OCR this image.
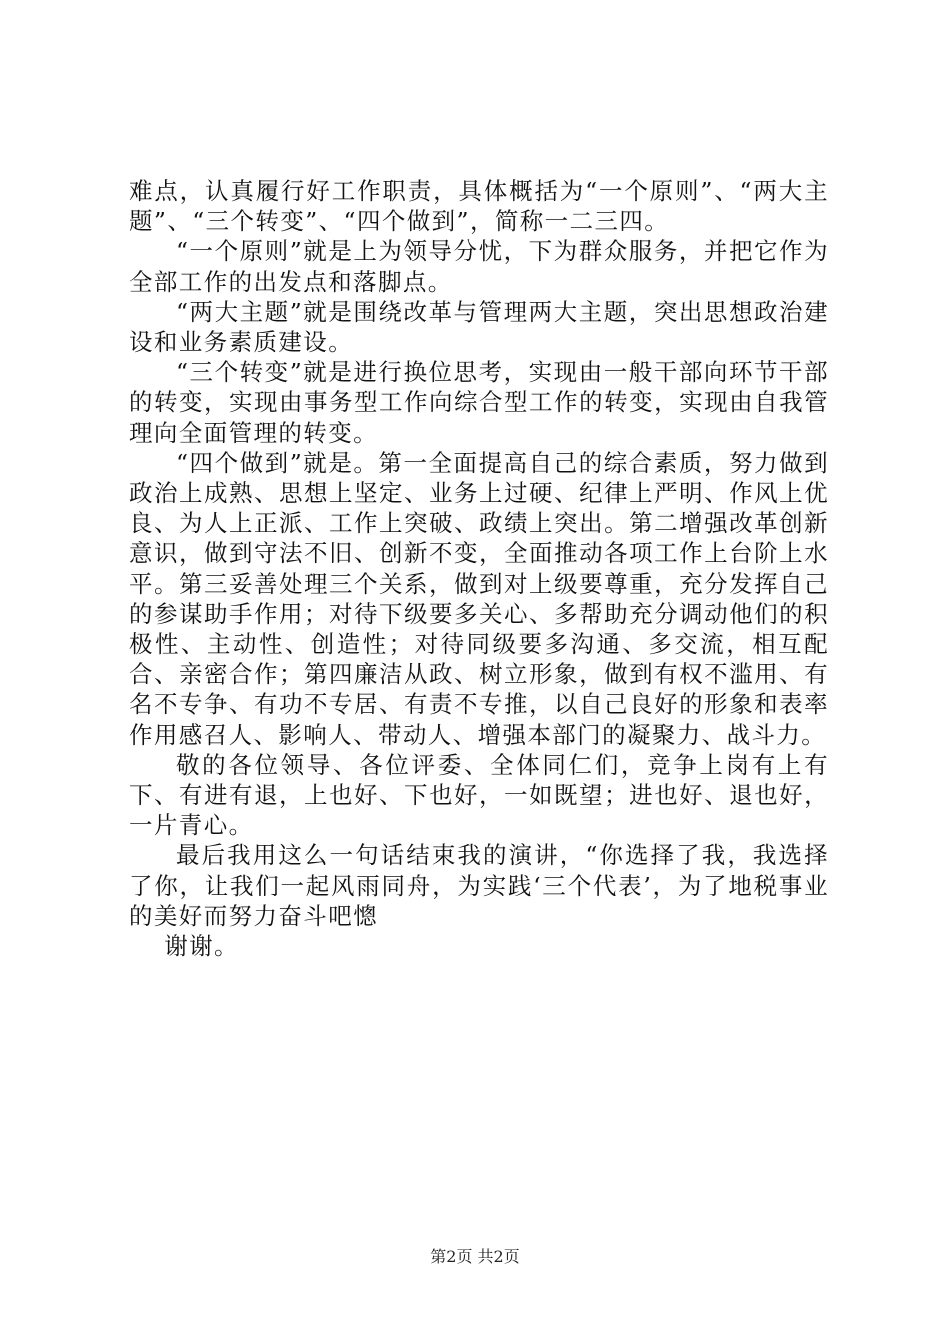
难点，认真履行好工作职责，具体概括为“一个原则”、“两大主题”、“三个转变”、“四个做到”，简称一二三四。

“一个原则”就是上为领导分忧，下为群众服务，并把它作为全部工作的出发点和落脚点。

“两大主题”就是围绕改革与管理两大主题，突出思想政治建设和业务素质建设。

“三个转变”就是进行换位思考，实现由一般干部向环节干部的转变，实现由事务型工作向综合型工作的转变，实现由自我管理向全面管理的转变。

“四个做到”就是。第一全面提高自己的综合素质，努力做到政治上成熟、思想上坚定、业务上过硬、纪律上严明、作风上优良、为人上正派、工作上突破、政绩上突出。第二增强改革创新意识，做到守法不旧、创新不变，全面推动各项工作上台阶上水平。第三妥善处理三个关系，做到对上级要尊重，充分发挥自己的参谋助手作用；对待下级要多关心、多帮助充分调动他们的积极性、主动性、创造性；对待同级要多沟通、多交流，相互配合、亲密合作；第四廉洁从政、树立形象，做到有权不滥用、有名不专争、有功不专居、有责不专推，以自己良好的形象和表率作用感召人、影响人、带动人、增强本部门的凝聚力、战斗力。

敬的各位领导、各位评委、全体同仁们，竞争上岗有上有下、有进有退，上也好、下也好，一如既望；进也好、退也好，一片青心。

最后我用这么一句话结束我的演讲，“你选择了我，我选择了你，让我们一起风雨同舟，为实践‘三个代表’，为了地税事业的美好而努力奋斗吧憁

谢谢。

第2页 共2页
